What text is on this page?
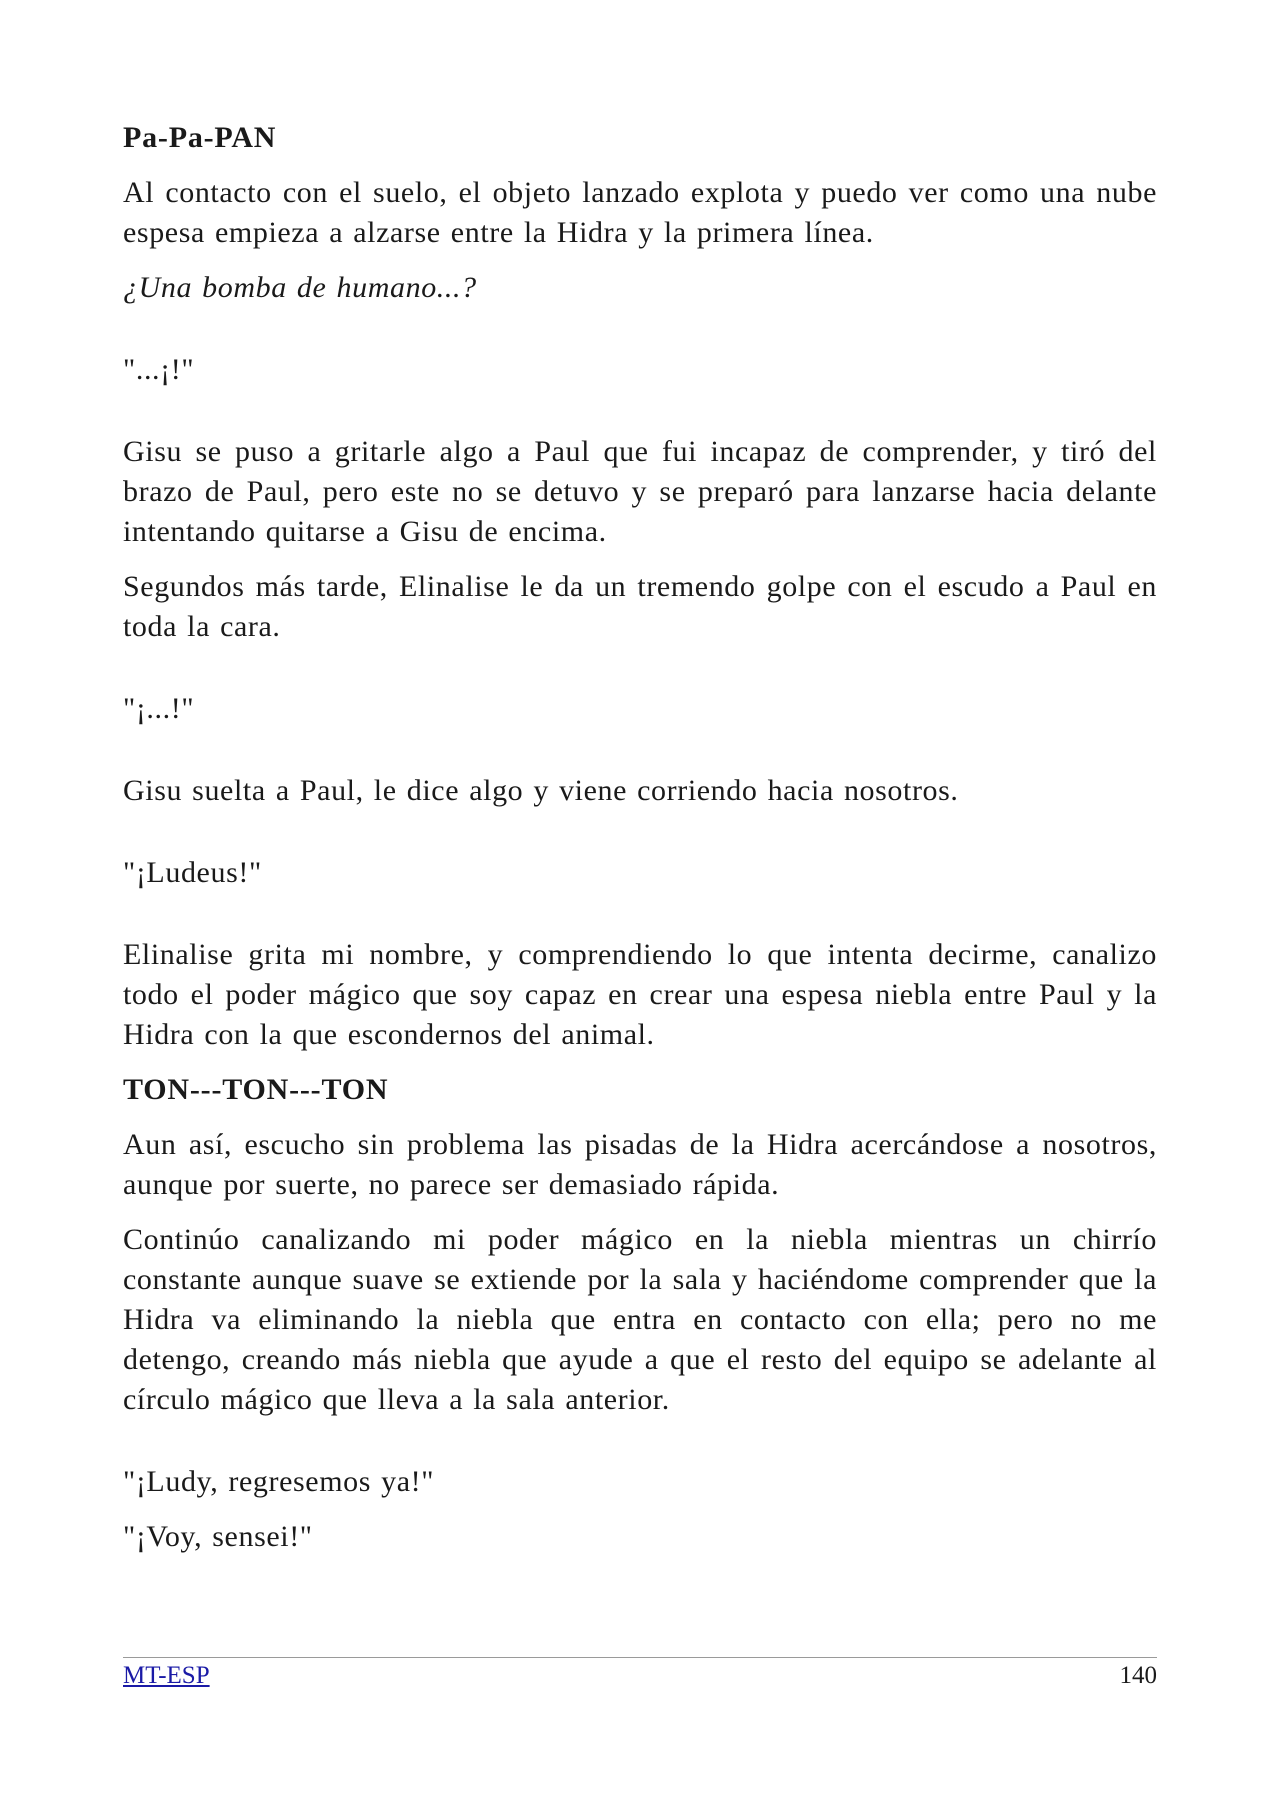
Pa-Pa-PAN

Al contacto con el suelo, el objeto lanzado explota y puedo ver como una nube espesa empieza a alzarse entre la Hidra y la primera línea.

¿Una bomba de humano...?

"...¡!"

Gisu se puso a gritarle algo a Paul que fui incapaz de comprender, y tiró del brazo de Paul, pero este no se detuvo y se preparó para lanzarse hacia delante intentando quitarse a Gisu de encima.

Segundos más tarde, Elinalise le da un tremendo golpe con el escudo a Paul en toda la cara.

"¡...!"

Gisu suelta a Paul, le dice algo y viene corriendo hacia nosotros.

"¡Ludeus!"

Elinalise grita mi nombre, y comprendiendo lo que intenta decirme, canalizo todo el poder mágico que soy capaz en crear una espesa niebla entre Paul y la Hidra con la que escondernos del animal.

TON---TON---TON

Aun así, escucho sin problema las pisadas de la Hidra acercándose a nosotros, aunque por suerte, no parece ser demasiado rápida.

Continúo canalizando mi poder mágico en la niebla mientras un chirrío constante aunque suave se extiende por la sala y haciéndome comprender que la Hidra va eliminando la niebla que entra en contacto con ella; pero no me detengo, creando más niebla que ayude a que el resto del equipo se adelante al círculo mágico que lleva a la sala anterior.

"¡Ludy, regresemos ya!"

"¡Voy, sensei!"

MT-ESP	140
